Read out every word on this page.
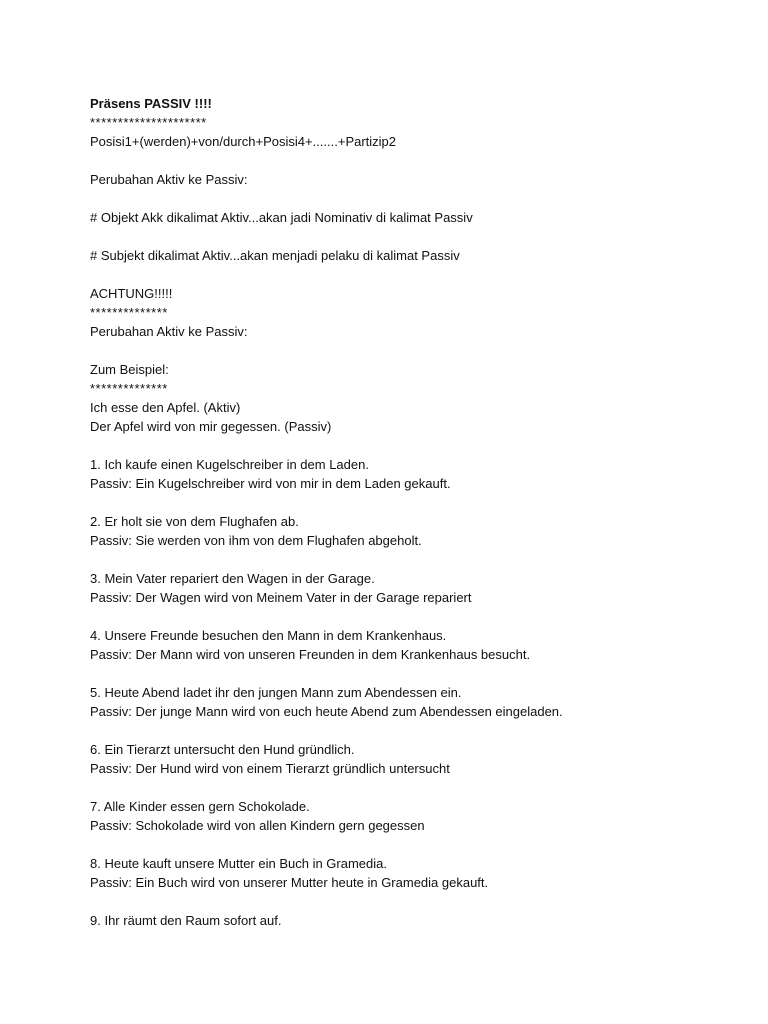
Präsens PASSIV !!!!
*********************
Posisi1+(werden)+von/durch+Posisi4+.......+Partizip2
Perubahan Aktiv ke Passiv:
# Objekt Akk dikalimat Aktiv...akan jadi Nominativ di kalimat Passiv
# Subjekt dikalimat Aktiv...akan menjadi pelaku di kalimat Passiv
ACHTUNG!!!!!
**************
Perubahan Aktiv ke Passiv:
Zum Beispiel:
**************
Ich esse den Apfel. (Aktiv)
Der Apfel wird von mir gegessen. (Passiv)
1. Ich kaufe einen Kugelschreiber in dem Laden.
Passiv: Ein Kugelschreiber wird von mir in dem Laden gekauft.
2. Er holt sie von dem Flughafen ab.
Passiv: Sie werden von ihm von dem Flughafen abgeholt.
3. Mein Vater repariert den Wagen in der Garage.
Passiv: Der Wagen wird von Meinem Vater in der Garage repariert
4. Unsere Freunde besuchen den Mann in dem Krankenhaus.
Passiv: Der Mann wird von unseren Freunden in dem Krankenhaus besucht.
5. Heute Abend ladet ihr den jungen Mann zum Abendessen ein.
Passiv: Der junge Mann wird von euch heute Abend zum Abendessen eingeladen.
6. Ein Tierarzt untersucht den Hund gründlich.
Passiv: Der Hund wird von einem Tierarzt gründlich untersucht
7. Alle Kinder essen gern Schokolade.
Passiv: Schokolade wird von allen Kindern gern gegessen
8. Heute kauft unsere Mutter ein Buch in Gramedia.
Passiv: Ein Buch wird von unserer Mutter heute in Gramedia gekauft.
9. Ihr räumt den Raum sofort auf.
